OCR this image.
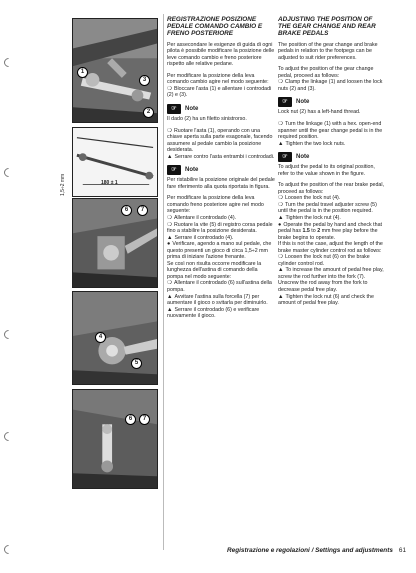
1
3
2
180 ± 1
6	7
4
5
6	7
REGISTRAZIONE POSIZIONE PEDALE COMANDO CAMBIO E FRENO POSTERIORE
Per assecondare le esigenze di guida di ogni pilota è possibile modificare la posizione delle leve comando cambio e freno posteriore rispetto alle relative pedane.
Per modificare la posizione della leva comando cambio agire nel modo seguente:
❍ Bloccare l'asta (1) e allentare i controdadi (2) e (3).
☞	Note
Il dado (2) ha un filetto sinistrorso.
❍ Ruotare l'asta (1), operando con una chiave aperta sulla parte esagonale, facendo assumere al pedale cambio la posizione desiderata.
▲ Serrare contro l'asta entrambi i controdadi.
☞	Note
Per ristabilire la posizione originale del pedale fare riferimento alla quota riportata in figura.
Per modificare la posizione della leva comando freno posteriore agire nel modo seguente:
❍ Allentare il controdado (4).
❍ Ruotare la vite (5) di registro corsa pedale fino a stabilire la posizione desiderata.
▲ Serrare il controdado (4).
● Verificare, agendo a mano sul pedale, che questo presenti un gioco di circa 1,5÷2 mm prima di iniziare l'azione frenante.
Se così non risulta occorre modificare la lunghezza dell'astina di comando della pompa nel modo seguente:
❍ Allentare il controdado (6) sull'astina della pompa.
▲ Avvitare l'astina sulla forcella (7) per aumentare il gioco o svitarla per diminuirlo.
▲ Serrare il controdado (6) e verificare nuovamente il gioco.
ADJUSTING THE POSITION OF THE GEAR CHANGE AND REAR BRAKE PEDALS
The position of the gear change and brake pedals in relation to the footpegs can be adjusted to suit rider preferences.
To adjust the position of the gear change pedal, proceed as follows:
❍ Clamp the linkage (1) and loosen the lock nuts (2) and (3).
☞	Note
Lock nut (2) has a left-hand thread.
❍ Turn the linkage (1) with a hex. open-end spanner until the gear change pedal is in the required position.
▲ Tighten the two lock nuts.
☞	Note
To adjust the pedal to its original position, refer to the value shown in the figure.
To adjust the position of the rear brake pedal, proceed as follows:
❍ Loosen the lock nut (4).
❍ Turn the pedal travel adjuster screw (5) until the pedal is in the position required.
▲ Tighten the lock nut (4).
● Operate the pedal by hand and check that pedal has 1.5 to 2 mm free play before the brake begins to operate.
If this is not the case, adjust the length of the brake master cylinder control rod as follows:
❍ Loosen the lock nut (6) on the brake cylinder control rod.
▲ To increase the amount of pedal free play, screw the rod further into the fork (7). Unscrew the rod away from the fork to decrease pedal free play.
▲ Tighten the lock nut (6) and check the amount of pedal free play.
1,5÷2 mm
Registrazione e regolazioni / Settings and adjustments 61
